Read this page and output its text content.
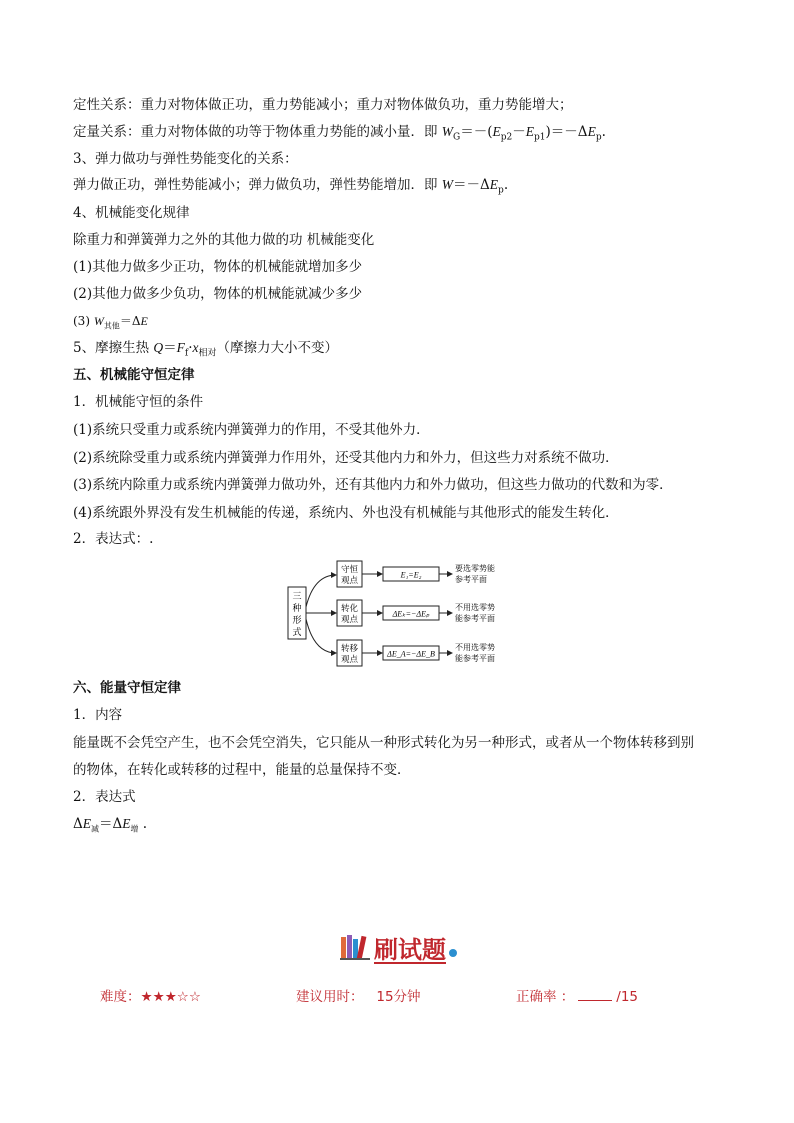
定性关系：重力对物体做正功，重力势能减小；重力对物体做负功，重力势能增大；
定量关系：重力对物体做的功等于物体重力势能的减小量．即 $W_G=-(E_{p2}-E_{p1})=-\Delta E_p$.
3、弹力做功与弹性势能变化的关系：
弹力做正功，弹性势能减小；弹力做负功，弹性势能增加．即 $W=-\Delta E_p$.
4、机械能变化规律
除重力和弹簧弹力之外的其他力做的功 机械能变化
(1)其他力做多少正功，物体的机械能就增加多少
(2)其他力做多少负功，物体的机械能就减少多少
(3) $W_{其他}=\Delta E$
5、摩擦生热 $Q=F_f\cdot x_{相对}$（摩擦力大小不变）
五、机械能守恒定律
1．机械能守恒的条件
(1)系统只受重力或系统内弹簧弹力的作用，不受其他外力．
(2)系统除受重力或系统内弹簧弹力作用外，还受其他内力和外力，但这些力对系统不做功．
(3)系统内除重力或系统内弹簧弹力做功外，还有其他内力和外力做功，但这些力做功的代数和为零．
(4)系统跟外界没有发生机械能的传递，系统内、外也没有机械能与其他形式的能发生转化．
2．表达式：.
三
种
形
式
守恒
观点
E₁=E₂
要选零势能
参考平面
转化
观点
ΔEₖ=−ΔEₚ
不用选零势
能参考平面
转移
观点
ΔE_A=−ΔE_B
不用选零势
能参考平面
六、能量守恒定律
1．内容
能量既不会凭空产生，也不会凭空消失，它只能从一种形式转化为另一种形式，或者从一个物体转移到别
的物体，在转化或转移的过程中，能量的总量保持不变．
2．表达式
$\Delta E_减=\Delta E_增$ .
刷试题
难度：★★★☆☆	建议用时： 15分钟	正确率 ：	/15
